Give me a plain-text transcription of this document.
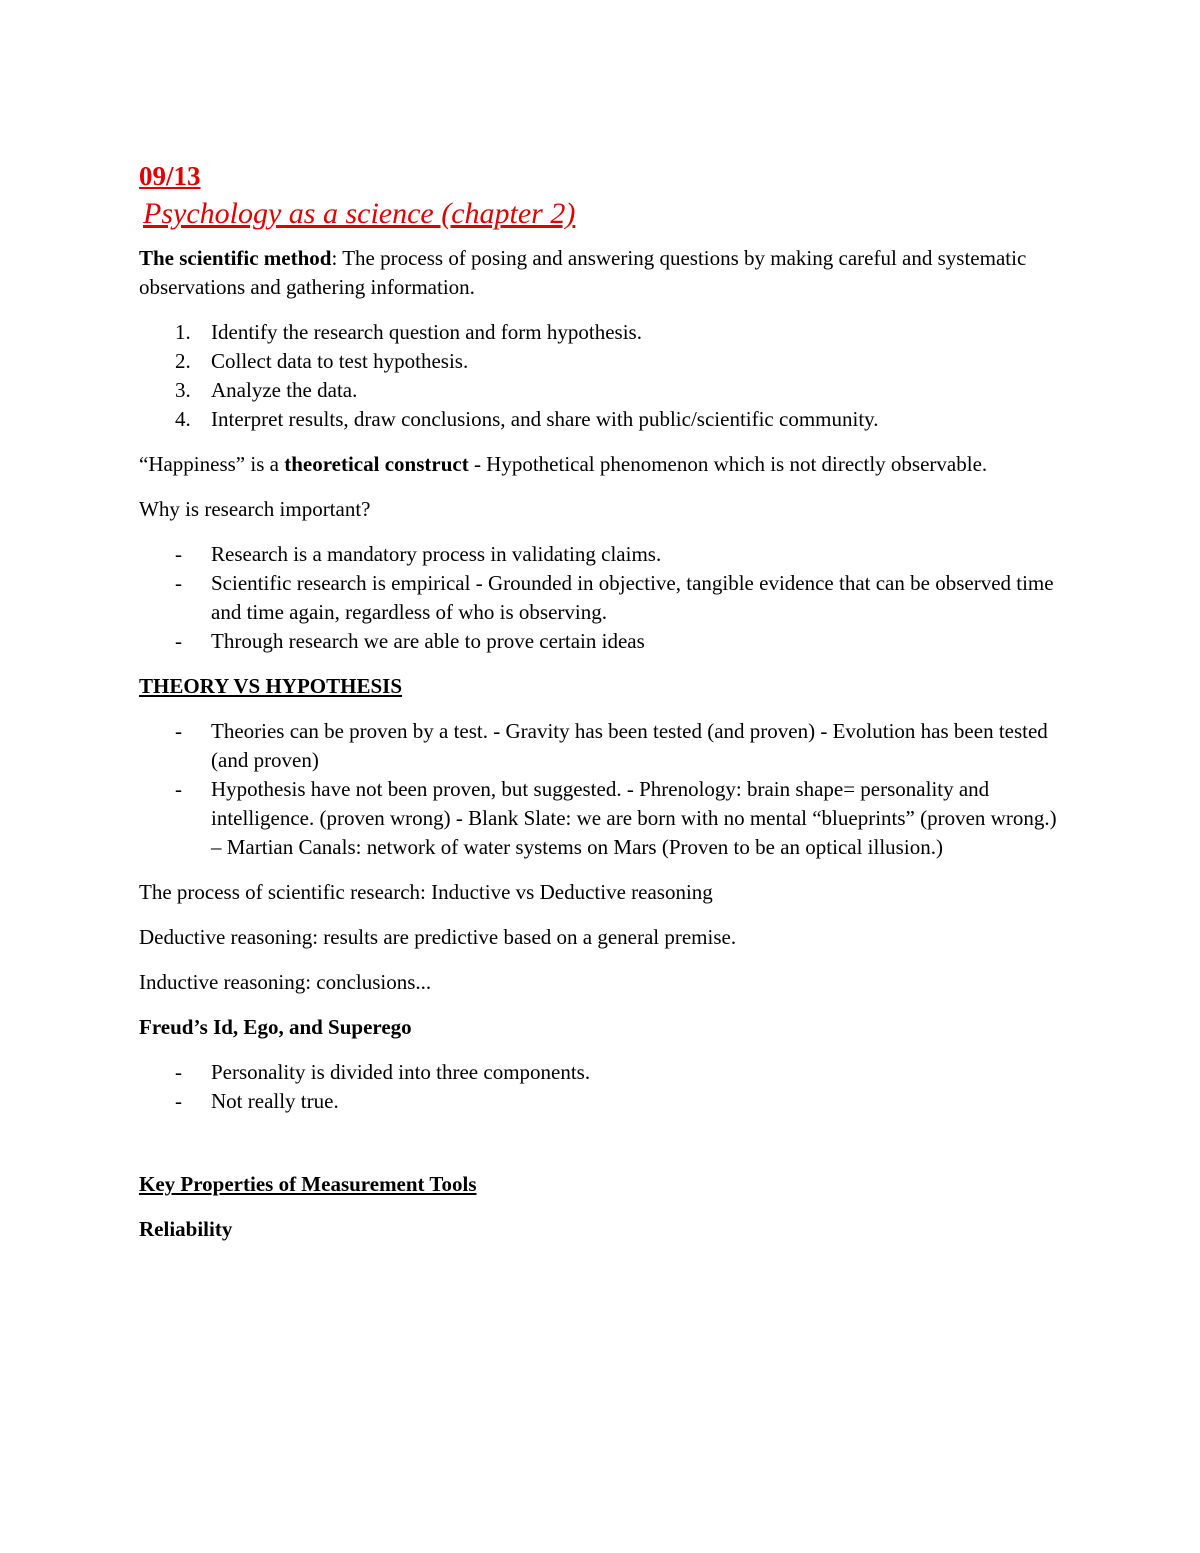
09/13
Psychology as a science (chapter 2)

The scientific method: The process of posing and answering questions by making careful and systematic observations and gathering information.

1. Identify the research question and form hypothesis.
2. Collect data to test hypothesis.
3. Analyze the data.
4. Interpret results, draw conclusions, and share with public/scientific community.

“Happiness” is a theoretical construct - Hypothetical phenomenon which is not directly observable.

Why is research important?

- Research is a mandatory process in validating claims.
- Scientific research is empirical - Grounded in objective, tangible evidence that can be observed time and time again, regardless of who is observing.
- Through research we are able to prove certain ideas

THEORY VS HYPOTHESIS

- Theories can be proven by a test. - Gravity has been tested (and proven) - Evolution has been tested (and proven)
- Hypothesis have not been proven, but suggested. - Phrenology: brain shape= personality and intelligence. (proven wrong) - Blank Slate: we are born with no mental “blueprints” (proven wrong.) – Martian Canals: network of water systems on Mars (Proven to be an optical illusion.)

The process of scientific research: Inductive vs Deductive reasoning

Deductive reasoning: results are predictive based on a general premise.

Inductive reasoning: conclusions...

Freud’s Id, Ego, and Superego

- Personality is divided into three components.
- Not really true.

Key Properties of Measurement Tools

Reliability
